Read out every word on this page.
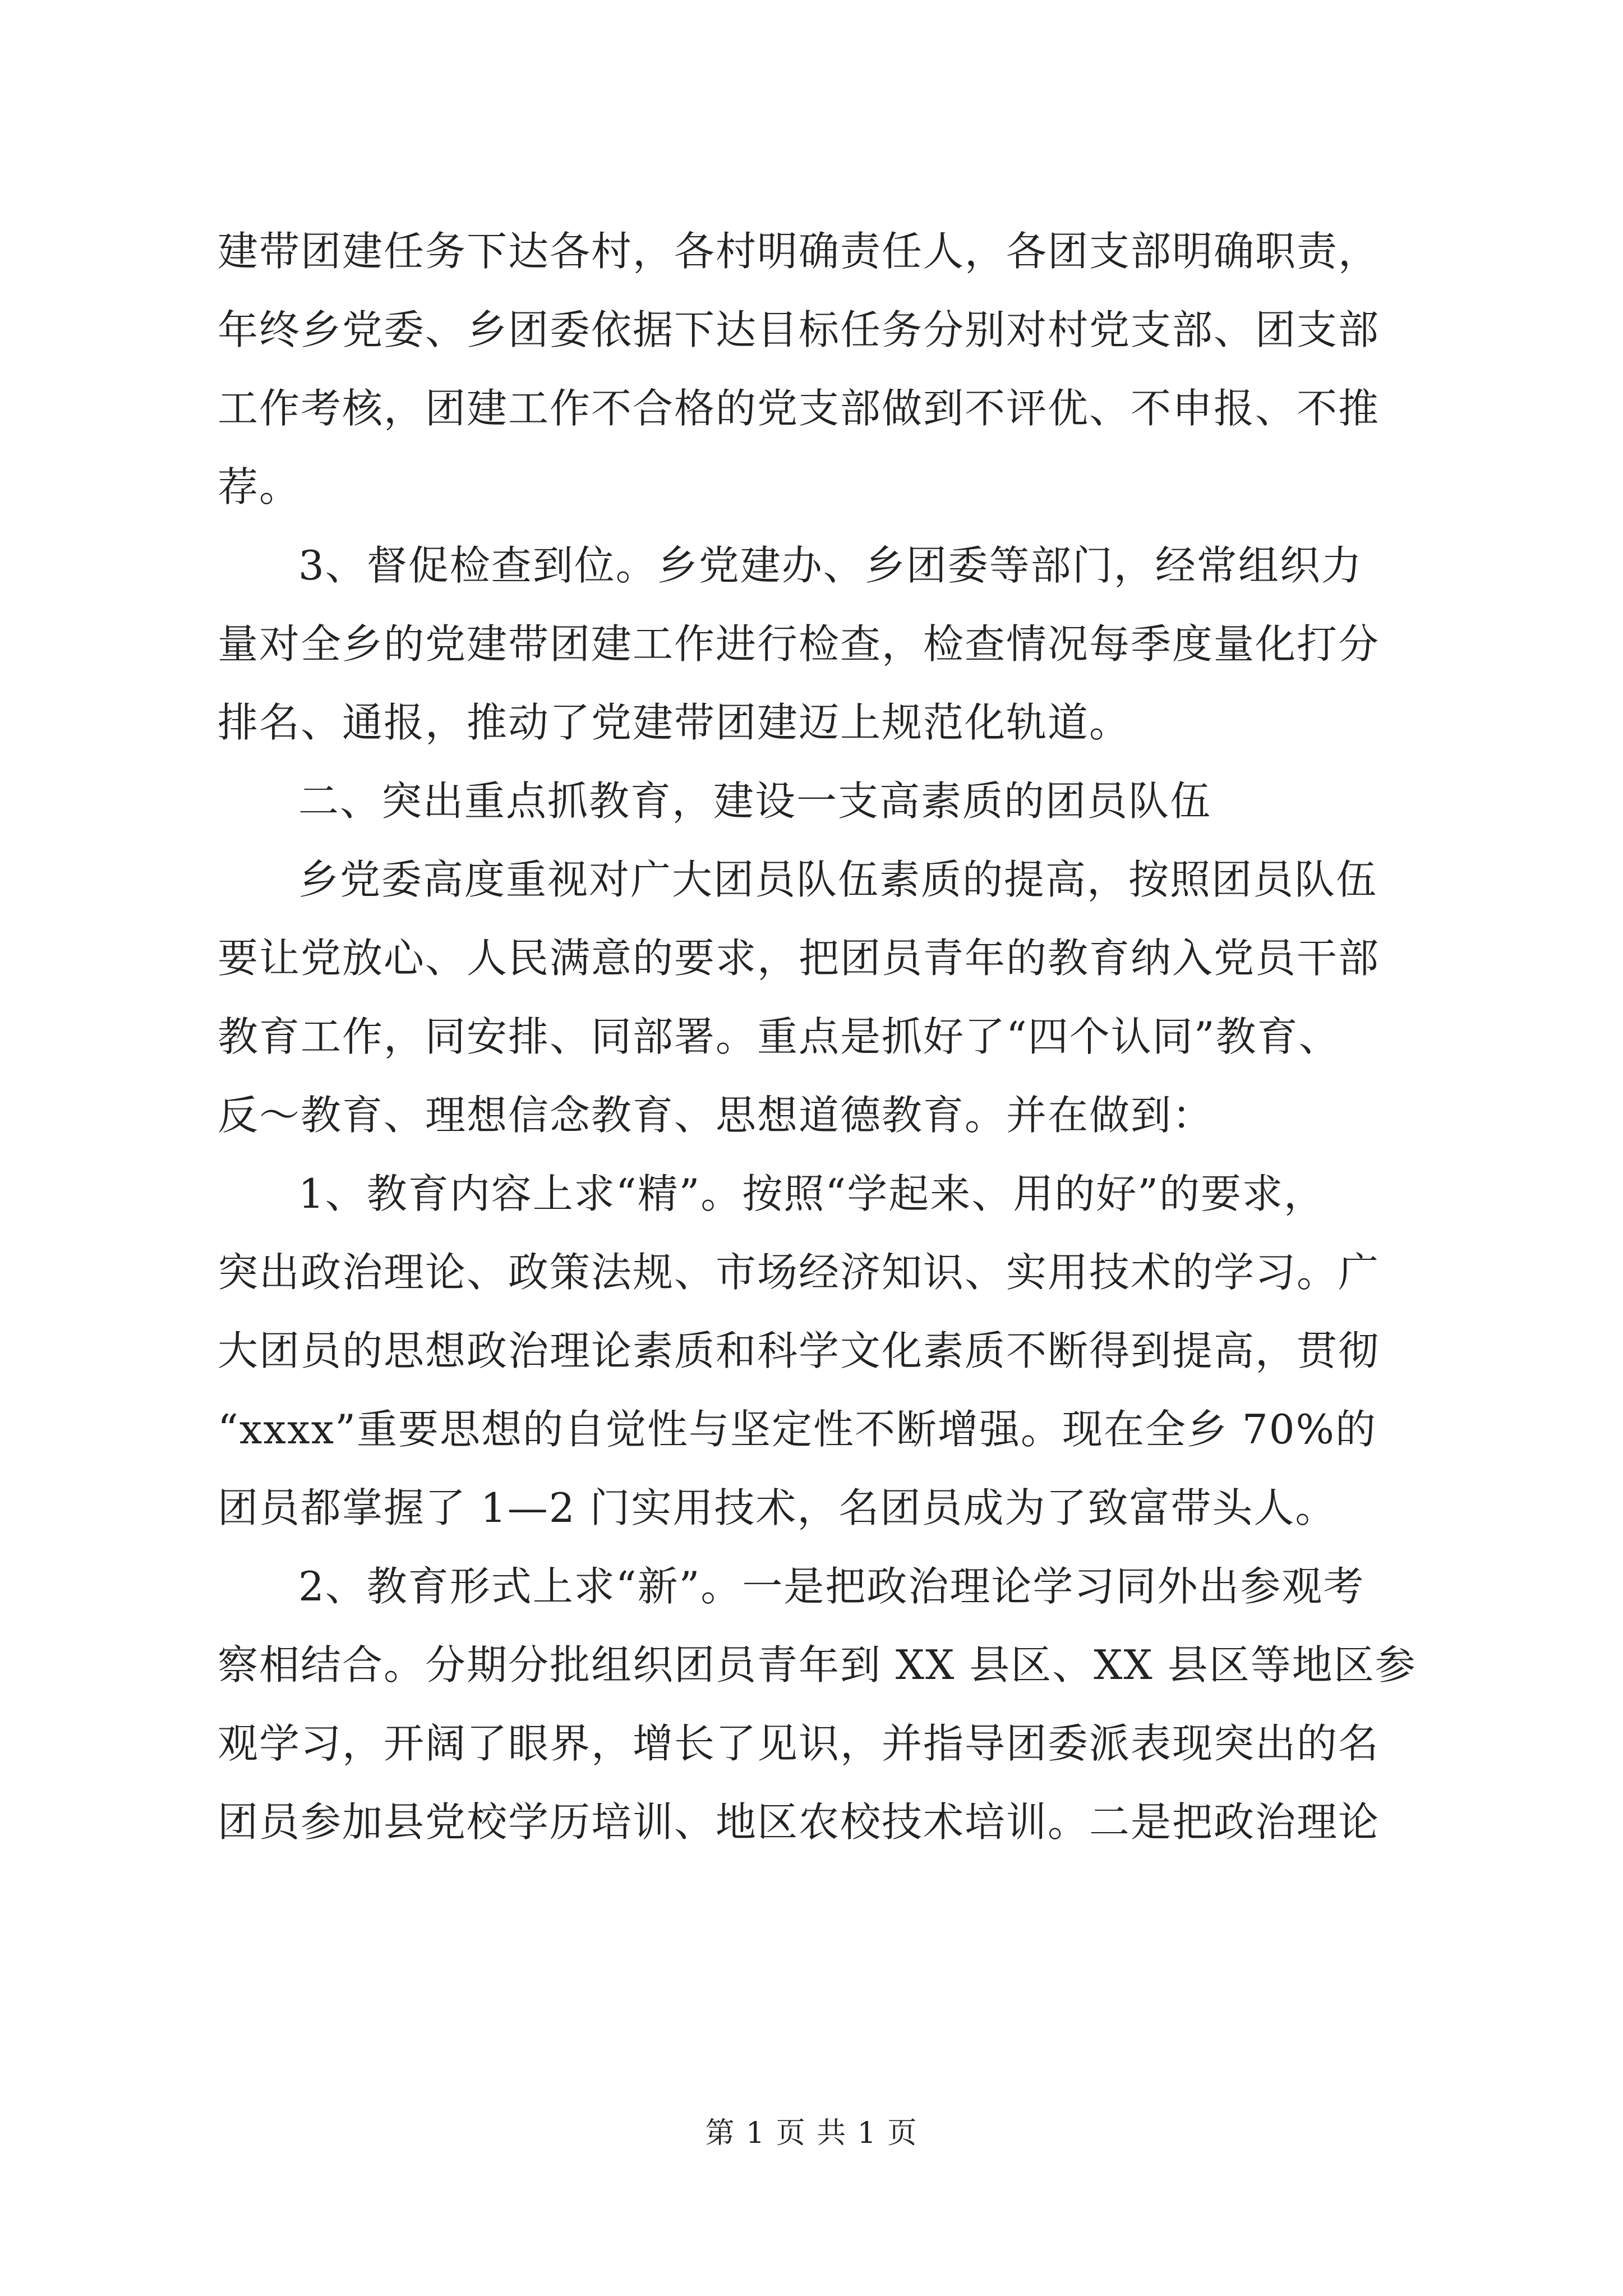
建带团建任务下达各村，各村明确责任人，各团支部明确职责，
年终乡党委、乡团委依据下达目标任务分别对村党支部、团支部
工作考核，团建工作不合格的党支部做到不评优、不申报、不推
荐。
3、督促检查到位。乡党建办、乡团委等部门，经常组织力
量对全乡的党建带团建工作进行检查，检查情况每季度量化打分
排名、通报，推动了党建带团建迈上规范化轨道。
二、突出重点抓教育，建设一支高素质的团员队伍
乡党委高度重视对广大团员队伍素质的提高，按照团员队伍
要让党放心、人民满意的要求，把团员青年的教育纳入党员干部
教育工作，同安排、同部署。重点是抓好了“四个认同”教育、
反～教育、理想信念教育、思想道德教育。并在做到：
1、教育内容上求“精”。按照“学起来、用的好”的要求，
突出政治理论、政策法规、市场经济知识、实用技术的学习。广
大团员的思想政治理论素质和科学文化素质不断得到提高，贯彻
“xxxx”重要思想的自觉性与坚定性不断增强。现在全乡 70%的
团员都掌握了 1—2 门实用技术，名团员成为了致富带头人。
2、教育形式上求“新”。一是把政治理论学习同外出参观考
察相结合。分期分批组织团员青年到 XX 县区、XX 县区等地区参
观学习，开阔了眼界，增长了见识，并指导团委派表现突出的名
团员参加县党校学历培训、地区农校技术培训。二是把政治理论
第 1 页 共 1 页
